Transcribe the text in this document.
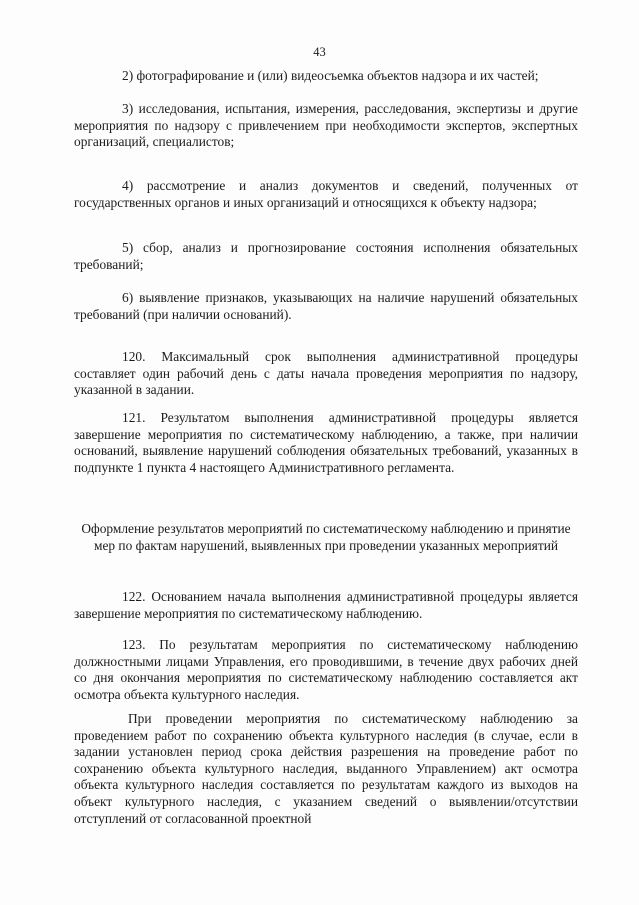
43

2) фотографирование и (или) видеосъемка объектов надзора и их частей;

3) исследования, испытания, измерения, расследования, экспертизы и другие мероприятия по надзору с привлечением при необходимости экспертов, экспертных организаций, специалистов;

4) рассмотрение и анализ документов и сведений, полученных от государственных органов и иных организаций и относящихся к объекту надзора;

5) сбор, анализ и прогнозирование состояния исполнения обязательных требований;

6) выявление признаков, указывающих на наличие нарушений обязательных требований (при наличии оснований).

120. Максимальный срок выполнения административной процедуры составляет один рабочий день с даты начала проведения мероприятия по надзору, указанной в задании.

121. Результатом выполнения административной процедуры является завершение мероприятия по систематическому наблюдению, а также, при наличии оснований, выявление нарушений соблюдения обязательных требований, указанных в подпункте 1 пункта 4 настоящего Административного регламента.

Оформление результатов мероприятий по систематическому наблюдению и принятие мер по фактам нарушений, выявленных при проведении указанных мероприятий

122. Основанием начала выполнения административной процедуры является завершение мероприятия по систематическому наблюдению.

123. По результатам мероприятия по систематическому наблюдению должностными лицами Управления, его проводившими, в течение двух рабочих дней со дня окончания мероприятия по систематическому наблюдению составляется акт осмотра объекта культурного наследия.

При проведении мероприятия по систематическому наблюдению за проведением работ по сохранению объекта культурного наследия (в случае, если в задании установлен период срока действия разрешения на проведение работ по сохранению объекта культурного наследия, выданного Управлением) акт осмотра объекта культурного наследия составляется по результатам каждого из выходов на объект культурного наследия, с указанием сведений о выявлении/отсутствии отступлений от согласованной проектной
